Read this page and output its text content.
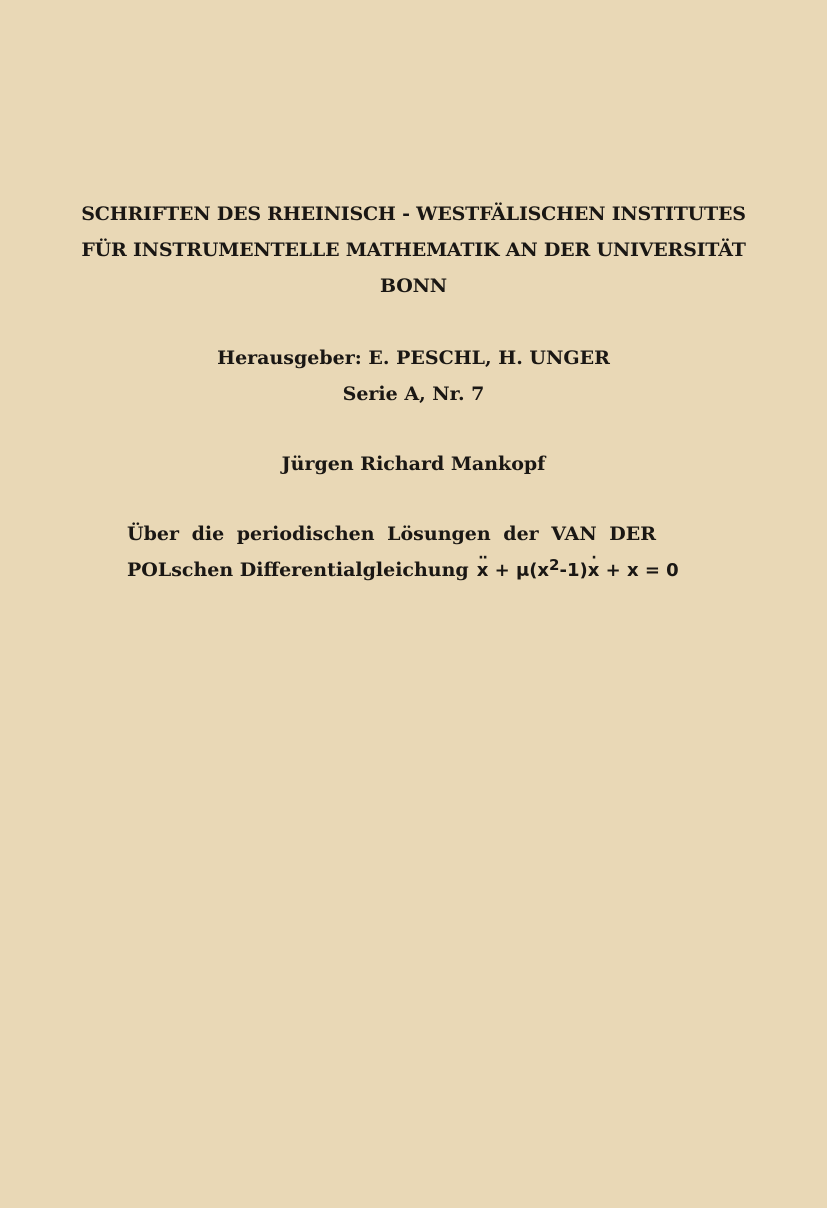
SCHRIFTEN DES RHEINISCH - WESTFÄLISCHEN INSTITUTES
FÜR INSTRUMENTELLE MATHEMATIK AN DER UNIVERSITÄT
BONN
Herausgeber: E. PESCHL, H. UNGER
Serie A, Nr. 7
Jürgen Richard Mankopf
Über die periodischen Lösungen der VAN DER
POLschen Differentialgleichung x ·· + $\mu(x^2-1)x$ · + x = 0
